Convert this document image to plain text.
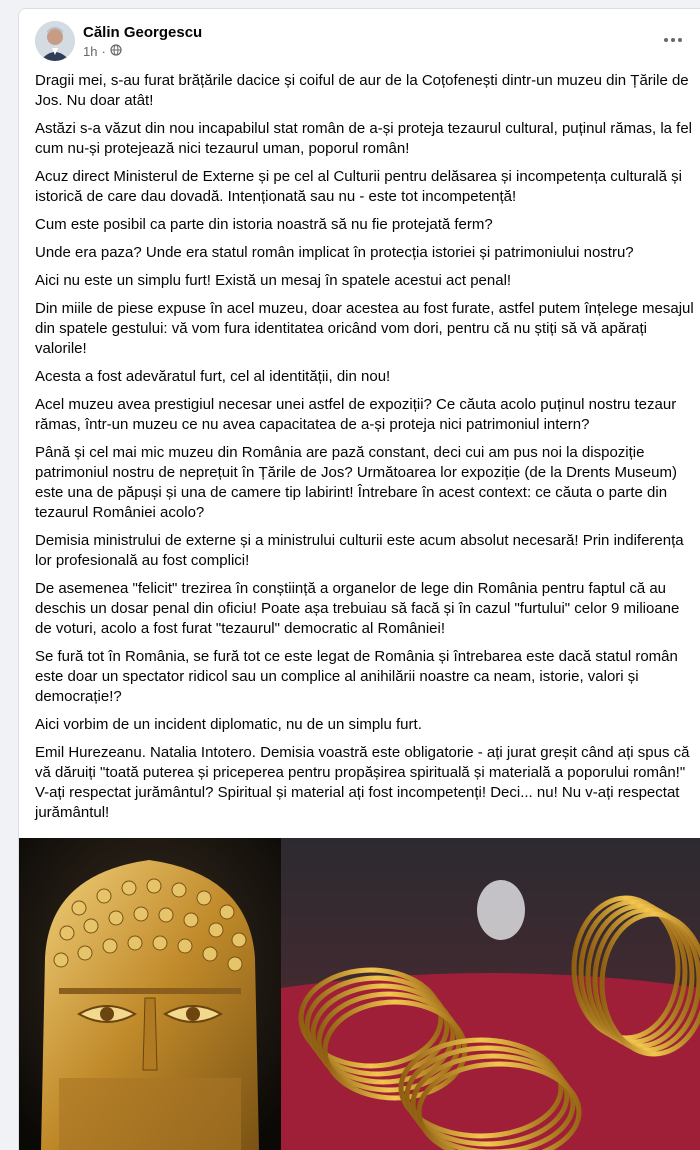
Călin Georgescu
1h ·

Dragii mei, s-au furat brățările dacice și coiful de aur de la Coțofenești dintr-un muzeu din Țările de Jos. Nu doar atât!

Astăzi s-a văzut din nou incapabilul stat român de a-și proteja tezaurul cultural, puținul rămas, la fel cum nu-și protejează nici tezaurul uman, poporul român!

Acuz direct Ministerul de Externe și pe cel al Culturii pentru delăsarea și incompetența culturală și istorică de care dau dovadă. Intenționată sau nu - este tot incompetență!

Cum este posibil ca parte din istoria noastră să nu fie protejată ferm?

Unde era paza? Unde era statul român implicat în protecția istoriei și patrimoniului nostru?

Aici nu este un simplu furt! Există un mesaj în spatele acestui act penal!

Din miile de piese expuse în acel muzeu, doar acestea au fost furate, astfel putem înțelege mesajul din spatele gestului: vă vom fura identitatea oricând vom dori, pentru că nu știți să vă apărați valorile!

Acesta a fost adevăratul furt, cel al identității, din nou!

Acel muzeu avea prestigiul necesar unei astfel de expoziții? Ce căuta acolo puținul nostru tezaur rămas, într-un muzeu ce nu avea capacitatea de a-și proteja nici patrimoniul intern?

Până și cel mai mic muzeu din România are pază constant, deci cui am pus noi la dispoziție patrimoniul nostru de neprețuit în Țările de Jos? Următoarea lor expoziție (de la Drents Museum) este una de păpuși și una de camere tip labirint! Întrebare în acest context: ce căuta o parte din tezaurul României acolo?

Demisia ministrului de externe și a ministrului culturii este acum absolut necesară! Prin indiferența lor profesională au fost complici!

De asemenea "felicit" trezirea în conștiință a organelor de lege din România pentru faptul că au deschis un dosar penal din oficiu! Poate așa trebuiau să facă și în cazul "furtului" celor 9 milioane de voturi, acolo a fost furat "tezaurul" democratic al României!

Se fură tot în România, se fură tot ce este legat de România și întrebarea este dacă statul român este doar un spectator ridicol sau un complice al anihilării noastre ca neam, istorie, valori și democrație!?

Aici vorbim de un incident diplomatic, nu de un simplu furt.

Emil Hurezeanu. Natalia Intotero. Demisia voastră este obligatorie - ați jurat greșit când ați spus că vă dăruiți "toată puterea și priceperea pentru propășirea spirituală și materială a poporului român!" V-ați respectat jurământul? Spiritual și material ați fost incompetenți! Deci... nu! Nu v-ați respectat jurământul!
